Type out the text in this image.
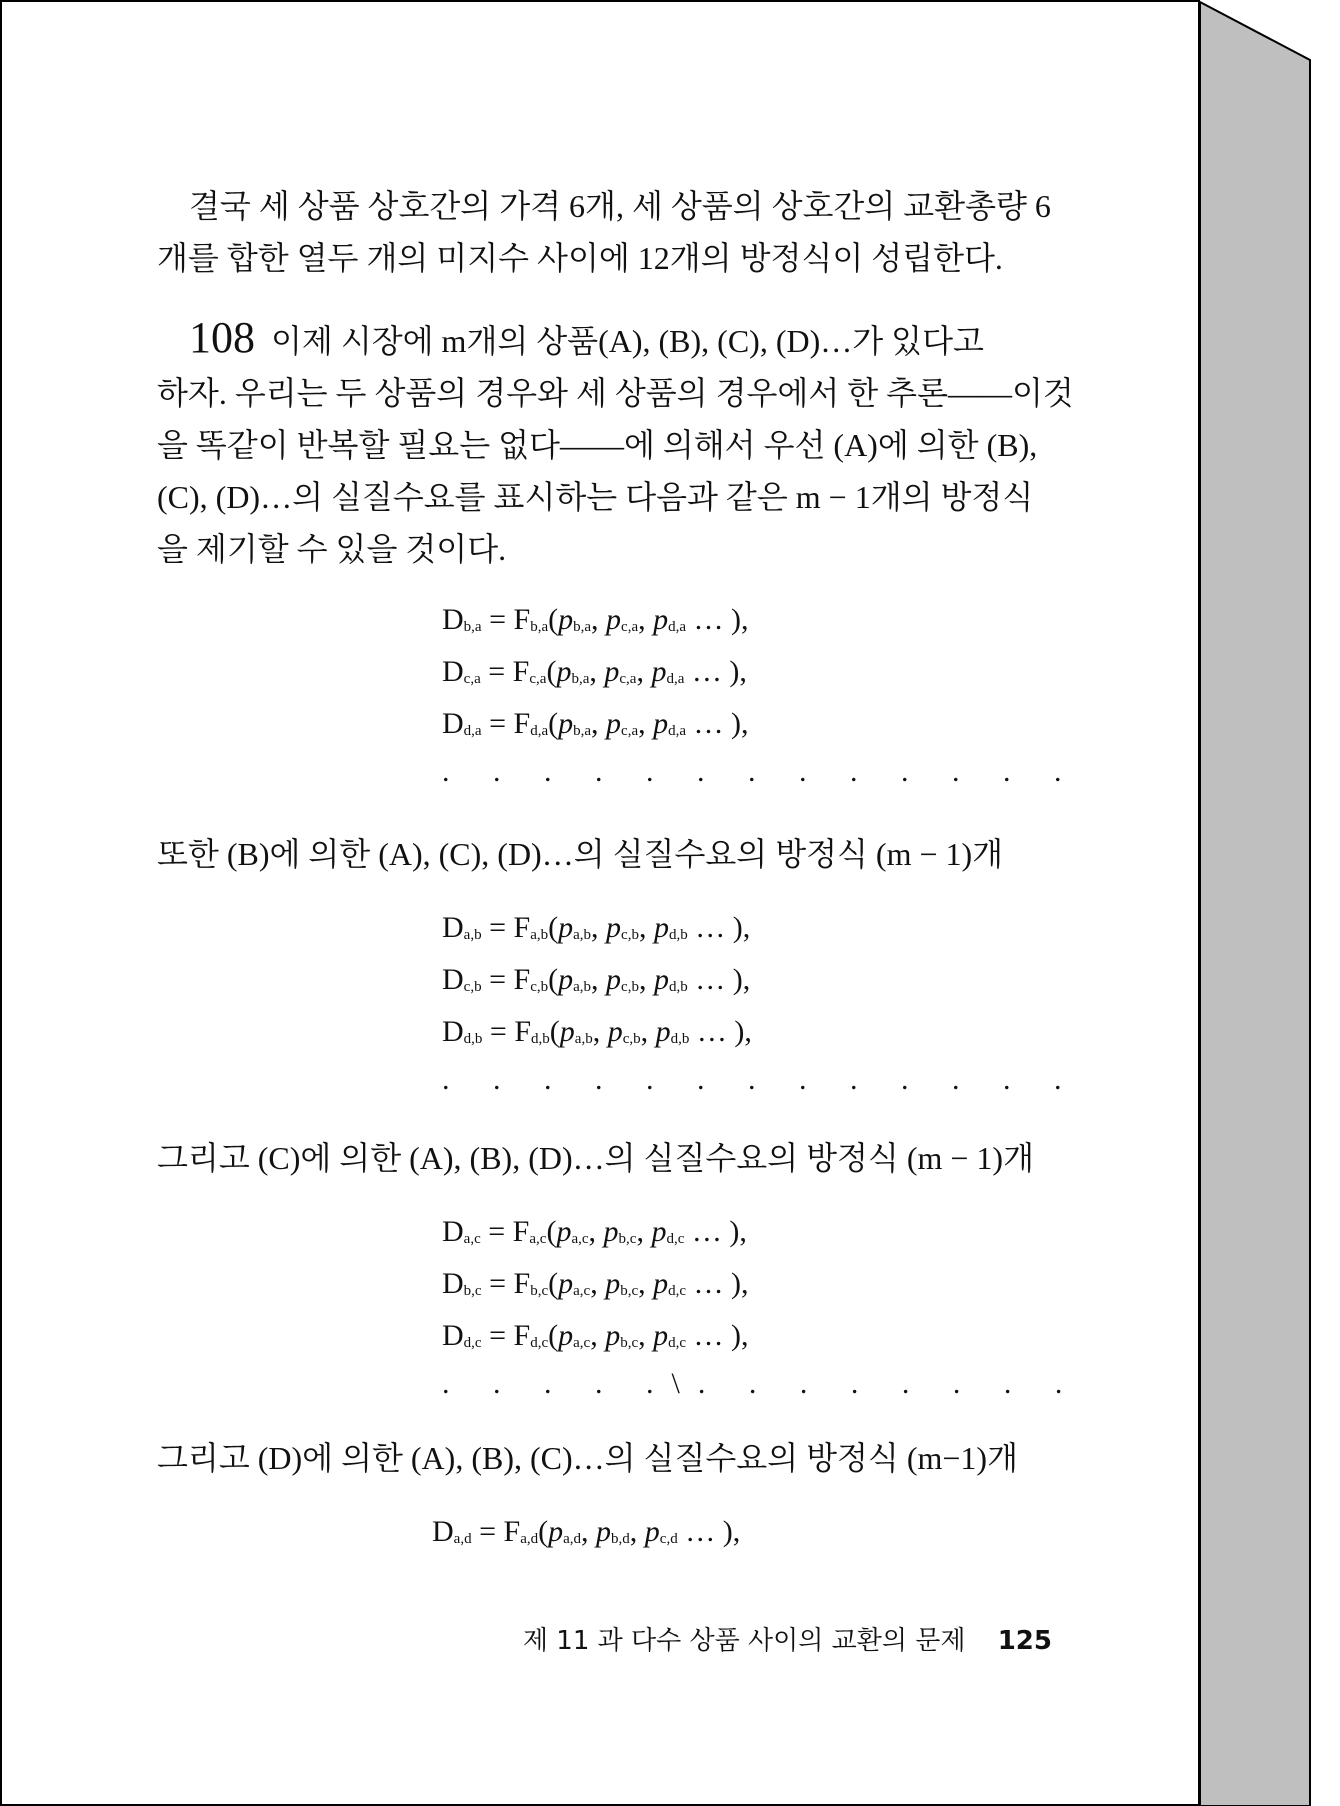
결국 세 상품 상호간의 가격 6개, 세 상품의 상호간의 교환총량 6
개를 합한 열두 개의 미지수 사이에 12개의 방정식이 성립한다.

108 이제 시장에 m개의 상품(A), (B), (C), (D)…가 있다고
하자. 우리는 두 상품의 경우와 세 상품의 경우에서 한 추론——이것
을 똑같이 반복할 필요는 없다——에 의해서 우선 (A)에 의한 (B),
(C), (D)…의 실질수요를 표시하는 다음과 같은 m − 1개의 방정식
을 제기할 수 있을 것이다.

$D_{b,a} = F_{b,a}(p_{b,a}$, $p_{c,a}$, $p_{d,a}$ … ),
$D_{c,a} = F_{c,a}(p_{b,a}$, $p_{c,a}$, $p_{d,a}$ … ),
$D_{d,a} = F_{d,a}(p_{b,a}$, $p_{c,a}$, $p_{d,a}$ … ),
. . . . . . . . . . . . .

또한 (B)에 의한 (A), (C), (D)…의 실질수요의 방정식 (m − 1)개

$D_{a,b} = F_{a,b}(p_{a,b}$, $p_{c,b}$, $p_{d,b}$ … ),
$D_{c,b} = F_{c,b}(p_{a,b}$, $p_{c,b}$, $p_{d,b}$ … ),
$D_{d,b} = F_{d,b}(p_{a,b}$, $p_{c,b}$, $p_{d,b}$ … ),
. . . . . . . . . . . . .

그리고 (C)에 의한 (A), (B), (D)…의 실질수요의 방정식 (m − 1)개

$D_{a,c} = F_{a,c}(p_{a,c}$, $p_{b,c}$, $p_{d,c}$ … ),
$D_{b,c} = F_{b,c}(p_{a,c}$, $p_{b,c}$, $p_{d,c}$ … ),
$D_{d,c} = F_{d,c}(p_{a,c}$, $p_{b,c}$, $p_{d,c}$ … ),
. . . . .\. . . . . . . .

그리고 (D)에 의한 (A), (B), (C)…의 실질수요의 방정식 (m−1)개

$D_{a,d} = F_{a,d}(p_{a,d}$, $p_{b,d}$, $p_{c,d}$ … ),
제 11 과 다수 상품 사이의 교환의 문제 125
